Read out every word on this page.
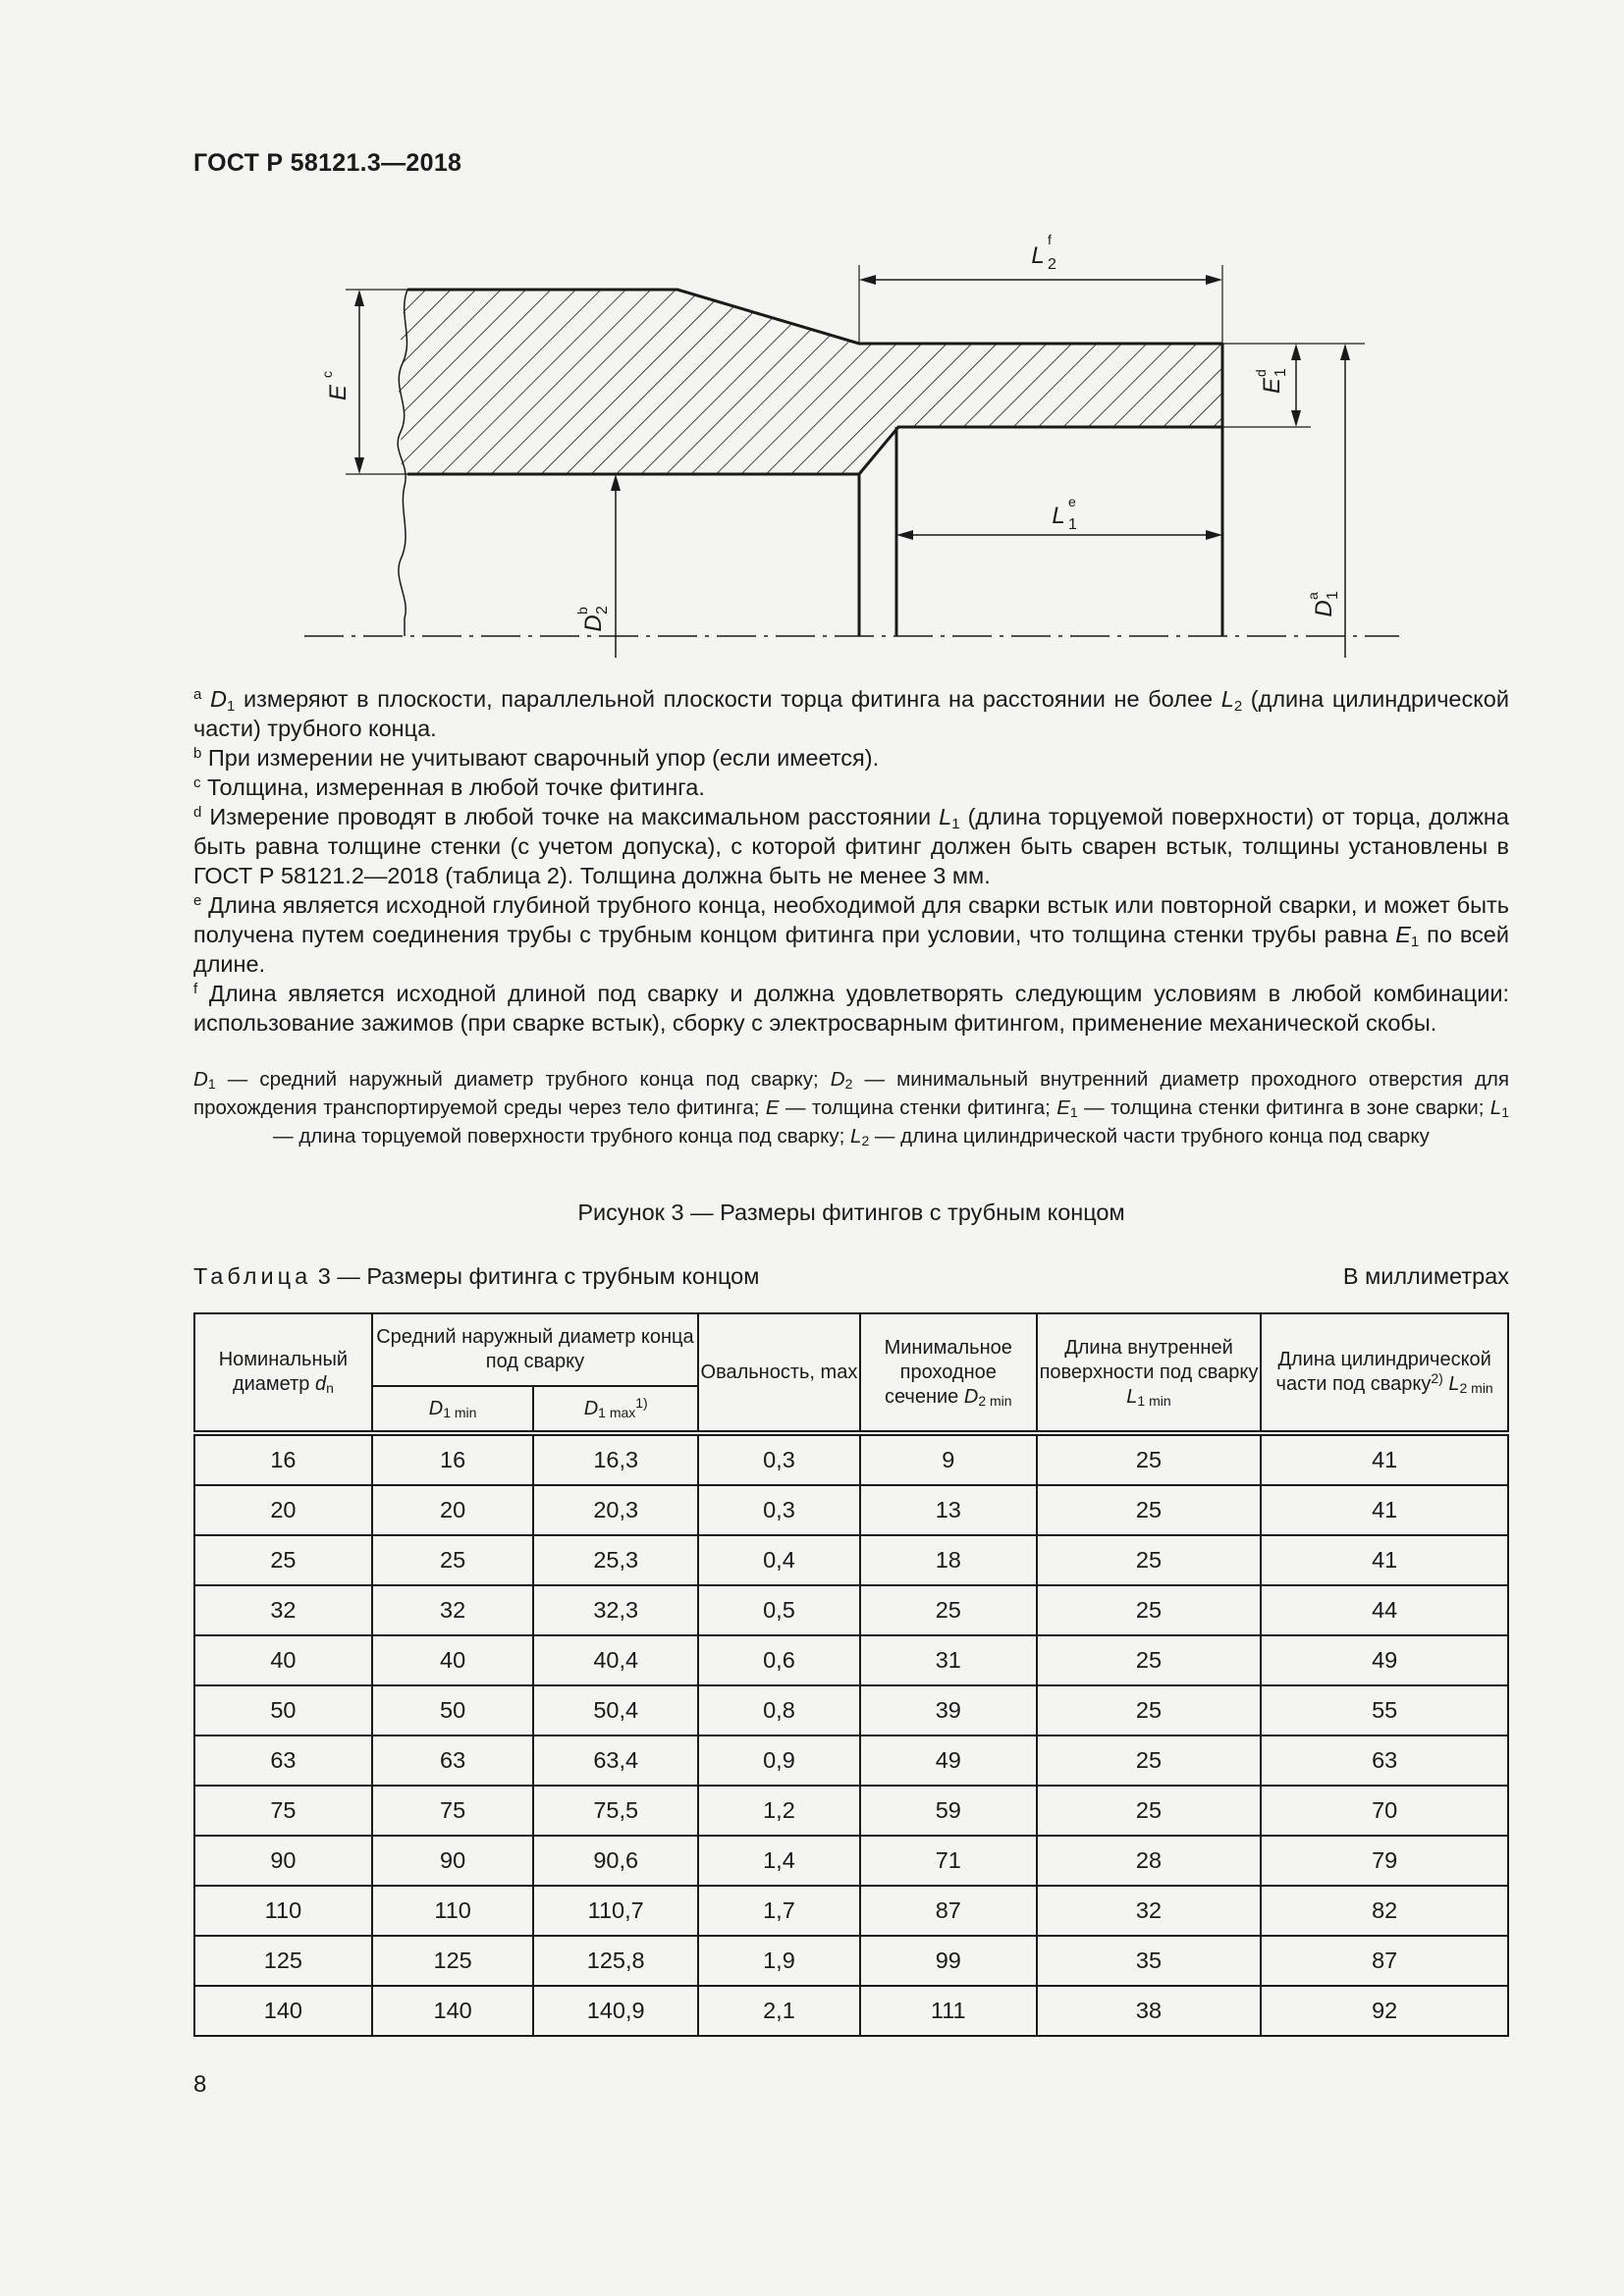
ГОСТ Р 58121.3—2018
E
c
D
2
b
L 2
f
L 1
e
E
1
d
D
1
a

$^a$ $D_1$ измеряют в плоскости, параллельной плоскости торца фитинга на расстоянии не более $L_2$ (длина цилиндрической части) трубного конца.

$^b$ При измерении не учитывают сварочный упор (если имеется).

$^c$ Толщина, измеренная в любой точке фитинга.

$^d$ Измерение проводят в любой точке на максимальном расстоянии $L_1$ (длина торцуемой поверхности) от торца, должна быть равна толщине стенки (с учетом допуска), с которой фитинг должен быть сварен встык, толщины установлены в ГОСТ Р 58121.2—2018 (таблица 2). Толщина должна быть не менее 3 мм.

$^e$ Длина является исходной глубиной трубного конца, необходимой для сварки встык или повторной сварки, и может быть получена путем соединения трубы с трубным концом фитинга при условии, что толщина стенки трубы равна $E_1$ по всей длине.

$^f$ Длина является исходной длиной под сварку и должна удовлетворять следующим условиям в любой комбинации: использование зажимов (при сварке встык), сборку с электросварным фитингом, применение механической скобы.

$D_1$ — средний наружный диаметр трубного конца под сварку; $D_2$ — минимальный внутренний диаметр проходного отверстия для прохождения транспортируемой среды через тело фитинга; E — толщина стенки фитинга; $E_1$ — толщина стенки фитинга в зоне сварки; $L_1$ — длина торцуемой поверхности трубного конца под сварку; $L_2$ — длина цилиндрической части трубного конца под сварку
Рисунок 3 — Размеры фитингов с трубным концом
Таблица 3 — Размеры фитинга с трубным концом	В миллиметрах
Номинальный диаметр $d_n$	Средний наружный диаметр конца под сварку		Овальность, max	Минимальное проходное сечение $D_{2 min}$	Длина внутренней поверхности под сварку $L_{1 min}$	Длина цилиндрической части под сварку$^{2)}$ $L_{2 min}$
	$D_{1 min}$	$D_{1 max}^{1)}$
16	16	16,3	0,3	9	25	41
20	20	20,3	0,3	13	25	41
25	25	25,3	0,4	18	25	41
32	32	32,3	0,5	25	25	44
40	40	40,4	0,6	31	25	49
50	50	50,4	0,8	39	25	55
63	63	63,4	0,9	49	25	63
75	75	75,5	1,2	59	25	70
90	90	90,6	1,4	71	28	79
110	110	110,7	1,7	87	32	82
125	125	125,8	1,9	99	35	87
140	140	140,9	2,1	111	38	92
8
